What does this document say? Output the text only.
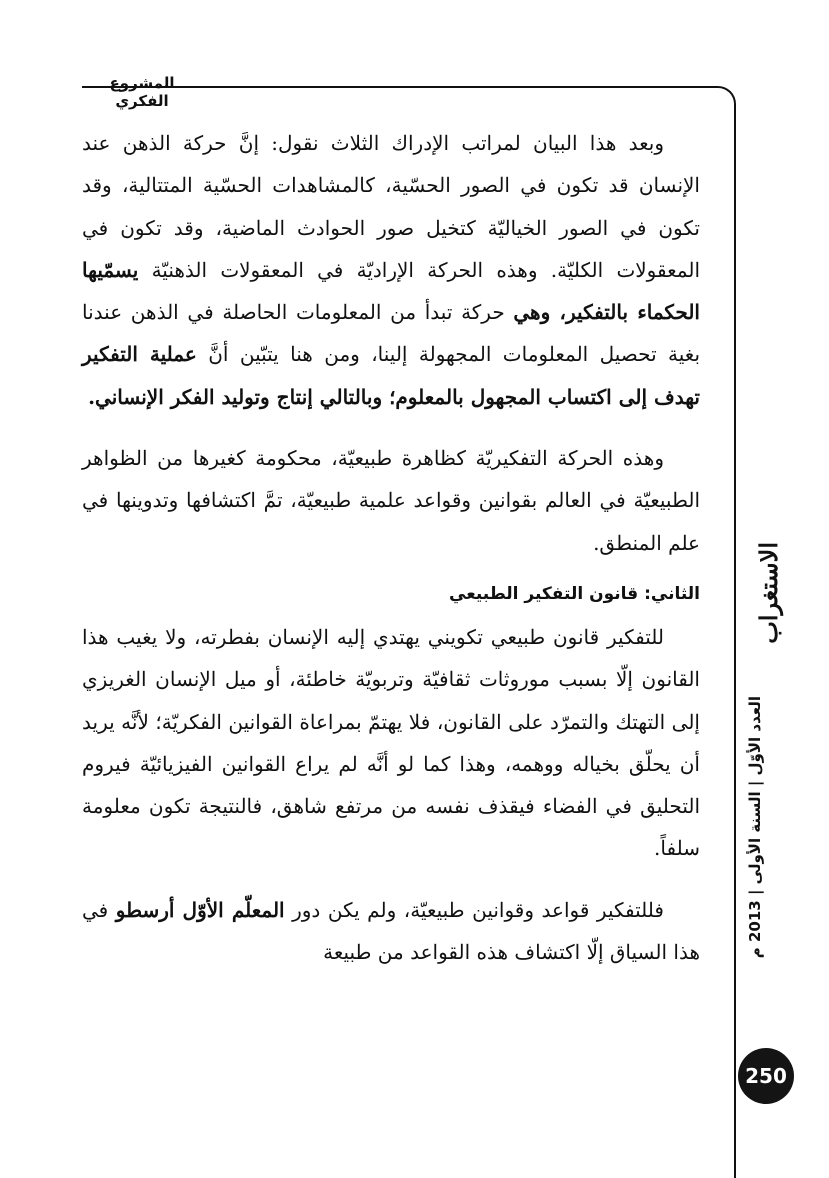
المشروع الفكري

وبعد هذا البيان لمراتب الإدراك الثلاث نقول: إنَّ حركة الذهن عند الإنسان قد تكون في الصور الحسّية، كالمشاهدات الحسّية المتتالية، وقد تكون في الصور الخياليّة كتخيل صور الحوادث الماضية، وقد تكون في المعقولات الكليّة. وهذه الحركة الإراديّة في المعقولات الذهنيّة يسمّيها الحكماء بالتفكير، وهي حركة تبدأ من المعلومات الحاصلة في الذهن عندنا بغية تحصيل المعلومات المجهولة إلينا، ومن هنا يتبّين أنَّ عملية التفكير تهدف إلى اكتساب المجهول بالمعلوم؛ وبالتالي إنتاج وتوليد الفكر الإنساني.

وهذه الحركة التفكيريّة كظاهرة طبيعيّة، محكومة كغيرها من الظواهر الطبيعيّة في العالم بقوانين وقواعد علمية طبيعيّة، تمَّ اكتشافها وتدوينها في علم المنطق.

الثاني: قانون التفكير الطبيعي

للتفكير قانون طبيعي تكويني يهتدي إليه الإنسان بفطرته، ولا يغيب هذا القانون إلّا بسبب موروثات ثقافيّة وتربويّة خاطئة، أو ميل الإنسان الغريزي إلى التهتك والتمرّد على القانون، فلا يهتمّ بمراعاة القوانين الفكريّة؛ لأنَّه يريد أن يحلّق بخياله ووهمه، وهذا كما لو أنَّه لم يراع القوانين الفيزيائيّة فيروم التحليق في الفضاء فيقذف نفسه من مرتفع شاهق، فالنتيجة تكون معلومة سلفاً.

فللتفكير قواعد وقوانين طبيعيّة، ولم يكن دور المعلّم الأوّل أرسطو في هذا السياق إلّا اكتشاف هذه القواعد من طبيعة

الاستغراب
العدد الأوّل | السنة الأولى | 2013 م
250
